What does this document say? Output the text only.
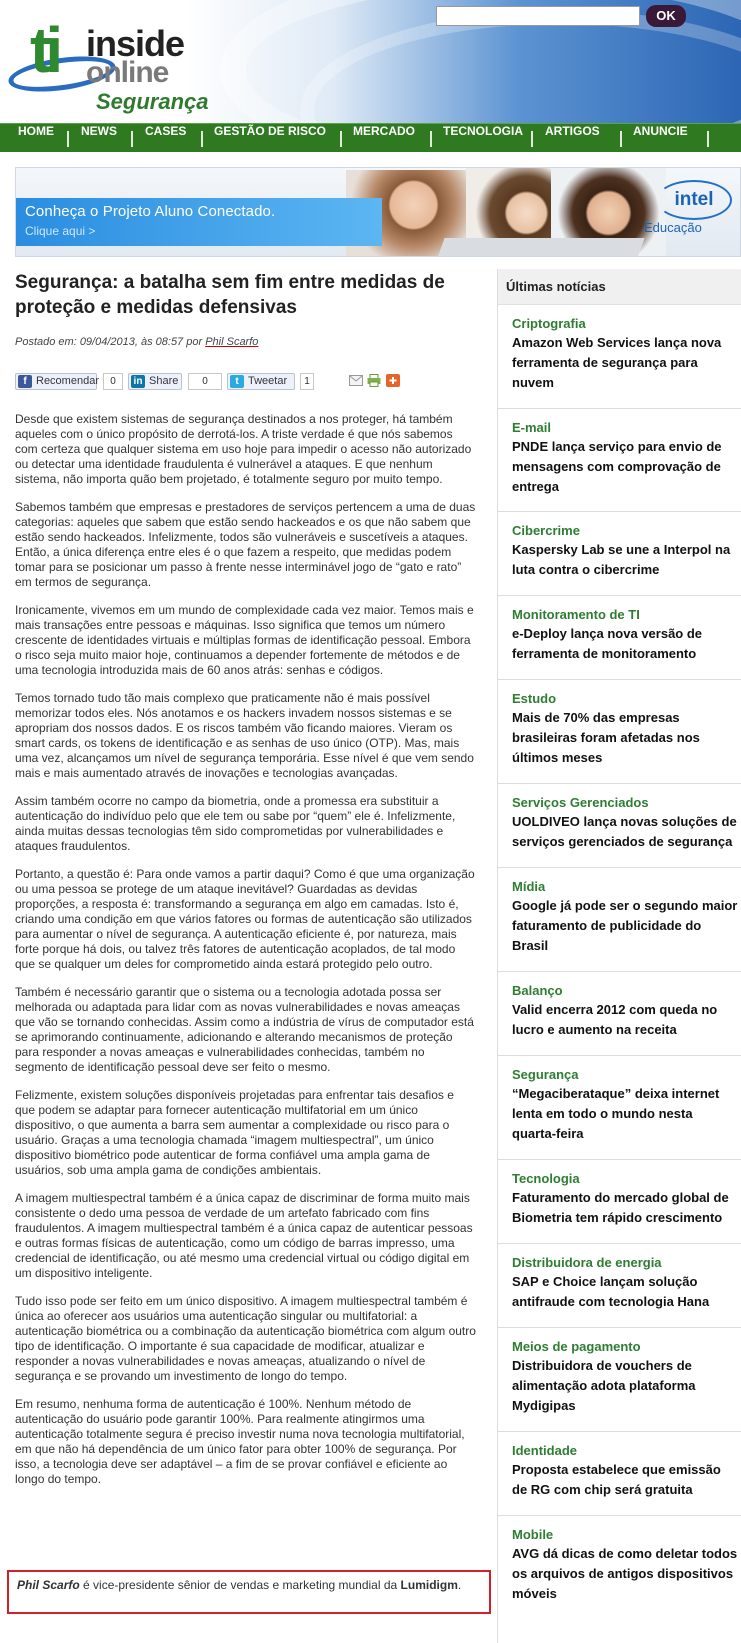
ti inside
online
Segurança
OK
HOME NEWS CASES GESTÃO DE RISCO MERCADO TECNOLOGIA ARTIGOS	ANUNCIE
Conheça o Projeto Aluno Conectado.
Clique aqui >
intel
Educação
Segurança: a batalha sem fim entre medidas de proteção e medidas defensivas
Postado em: 09/04/2013, às 08:57 por Phil Scarfo
f Recomendar	0	in Share	0	t Tweetar	1

Desde que existem sistemas de segurança destinados a nos proteger, há também aqueles com o único propósito de derrotá-los. A triste verdade é que nós sabemos com certeza que qualquer sistema em uso hoje para impedir o acesso não autorizado ou detectar uma identidade fraudulenta é vulnerável a ataques. E que nenhum sistema, não importa quão bem projetado, é totalmente seguro por muito tempo.

Sabemos também que empresas e prestadores de serviços pertencem a uma de duas categorias: aqueles que sabem que estão sendo hackeados e os que não sabem que estão sendo hackeados. Infelizmente, todos são vulneráveis e suscetíveis a ataques. Então, a única diferença entre eles é o que fazem a respeito, que medidas podem tomar para se posicionar um passo à frente nesse interminável jogo de “gato e rato” em termos de segurança.

Ironicamente, vivemos em um mundo de complexidade cada vez maior. Temos mais e mais transações entre pessoas e máquinas. Isso significa que temos um número crescente de identidades virtuais e múltiplas formas de identificação pessoal. Embora o risco seja muito maior hoje, continuamos a depender fortemente de métodos e de uma tecnologia introduzida mais de 60 anos atrás: senhas e códigos.

Temos tornado tudo tão mais complexo que praticamente não é mais possível memorizar todos eles. Nós anotamos e os hackers invadem nossos sistemas e se apropriam dos nossos dados. E os riscos também vão ficando maiores. Vieram os smart cards, os tokens de identificação e as senhas de uso único (OTP). Mas, mais uma vez, alcançamos um nível de segurança temporária. Esse nível é que vem sendo mais e mais aumentado através de inovações e tecnologias avançadas.

Assim também ocorre no campo da biometria, onde a promessa era substituir a autenticação do indivíduo pelo que ele tem ou sabe por “quem” ele é. Infelizmente, ainda muitas dessas tecnologias têm sido comprometidas por vulnerabilidades e ataques fraudulentos.

Portanto, a questão é: Para onde vamos a partir daqui? Como é que uma organização ou uma pessoa se protege de um ataque inevitável? Guardadas as devidas proporções, a resposta é: transformando a segurança em algo em camadas. Isto é, criando uma condição em que vários fatores ou formas de autenticação são utilizados para aumentar o nível de segurança. A autenticação eficiente é, por natureza, mais forte porque há dois, ou talvez três fatores de autenticação acoplados, de tal modo que se qualquer um deles for comprometido ainda estará protegido pelo outro.

Também é necessário garantir que o sistema ou a tecnologia adotada possa ser melhorada ou adaptada para lidar com as novas vulnerabilidades e novas ameaças que vão se tornando conhecidas. Assim como a indústria de vírus de computador está se aprimorando continuamente, adicionando e alterando mecanismos de proteção para responder a novas ameaças e vulnerabilidades conhecidas, também no segmento de identificação pessoal deve ser feito o mesmo.

Felizmente, existem soluções disponíveis projetadas para enfrentar tais desafios e que podem se adaptar para fornecer autenticação multifatorial em um único dispositivo, o que aumenta a barra sem aumentar a complexidade ou risco para o usuário. Graças a uma tecnologia chamada “imagem multiespectral”, um único dispositivo biométrico pode autenticar de forma confiável uma ampla gama de usuários, sob uma ampla gama de condições ambientais.

A imagem multiespectral também é a única capaz de discriminar de forma muito mais consistente o dedo uma pessoa de verdade de um artefato fabricado com fins fraudulentos. A imagem multiespectral também é a única capaz de autenticar pessoas e outras formas físicas de autenticação, como um código de barras impresso, uma credencial de identificação, ou até mesmo uma credencial virtual ou código digital em um dispositivo inteligente.

Tudo isso pode ser feito em um único dispositivo. A imagem multiespectral também é única ao oferecer aos usuários uma autenticação singular ou multifatorial: a autenticação biométrica ou a combinação da autenticação biométrica com algum outro tipo de identificação. O importante é sua capacidade de modificar, atualizar e responder a novas vulnerabilidades e novas ameaças, atualizando o nível de segurança e se provando um investimento de longo do tempo.

Em resumo, nenhuma forma de autenticação é 100%. Nenhum método de autenticação do usuário pode garantir 100%. Para realmente atingirmos uma autenticação totalmente segura é preciso investir numa nova tecnologia multifatorial, em que não há dependência de um único fator para obter 100% de segurança. Por isso, a tecnologia deve ser adaptável – a fim de se provar confiável e eficiente ao longo do tempo.

Phil Scarfo é vice-presidente sênior de vendas e marketing mundial da Lumidigm.
Últimas notícias
Criptografia
Amazon Web Services lança nova
ferramenta de segurança para
nuvem
E-mail
PNDE lança serviço para envio de
mensagens com comprovação de
entrega
Cibercrime
Kaspersky Lab se une a Interpol na
luta contra o cibercrime
Monitoramento de TI
e-Deploy lança nova versão de
ferramenta de monitoramento
Estudo
Mais de 70% das empresas
brasileiras foram afetadas nos
últimos meses
Serviços Gerenciados
UOLDIVEO lança novas soluções de
serviços gerenciados de segurança
Mídia
Google já pode ser o segundo maior
faturamento de publicidade do
Brasil
Balanço
Valid encerra 2012 com queda no
lucro e aumento na receita
Segurança
“Megaciberataque” deixa internet
lenta em todo o mundo nesta
quarta-feira
Tecnologia
Faturamento do mercado global de
Biometria tem rápido crescimento
Distribuidora de energia
SAP e Choice lançam solução
antifraude com tecnologia Hana
Meios de pagamento
Distribuidora de vouchers de
alimentação adota plataforma
Mydigipas
Identidade
Proposta estabelece que emissão
de RG com chip será gratuita
Mobile
AVG dá dicas de como deletar todos
os arquivos de antigos dispositivos
móveis
